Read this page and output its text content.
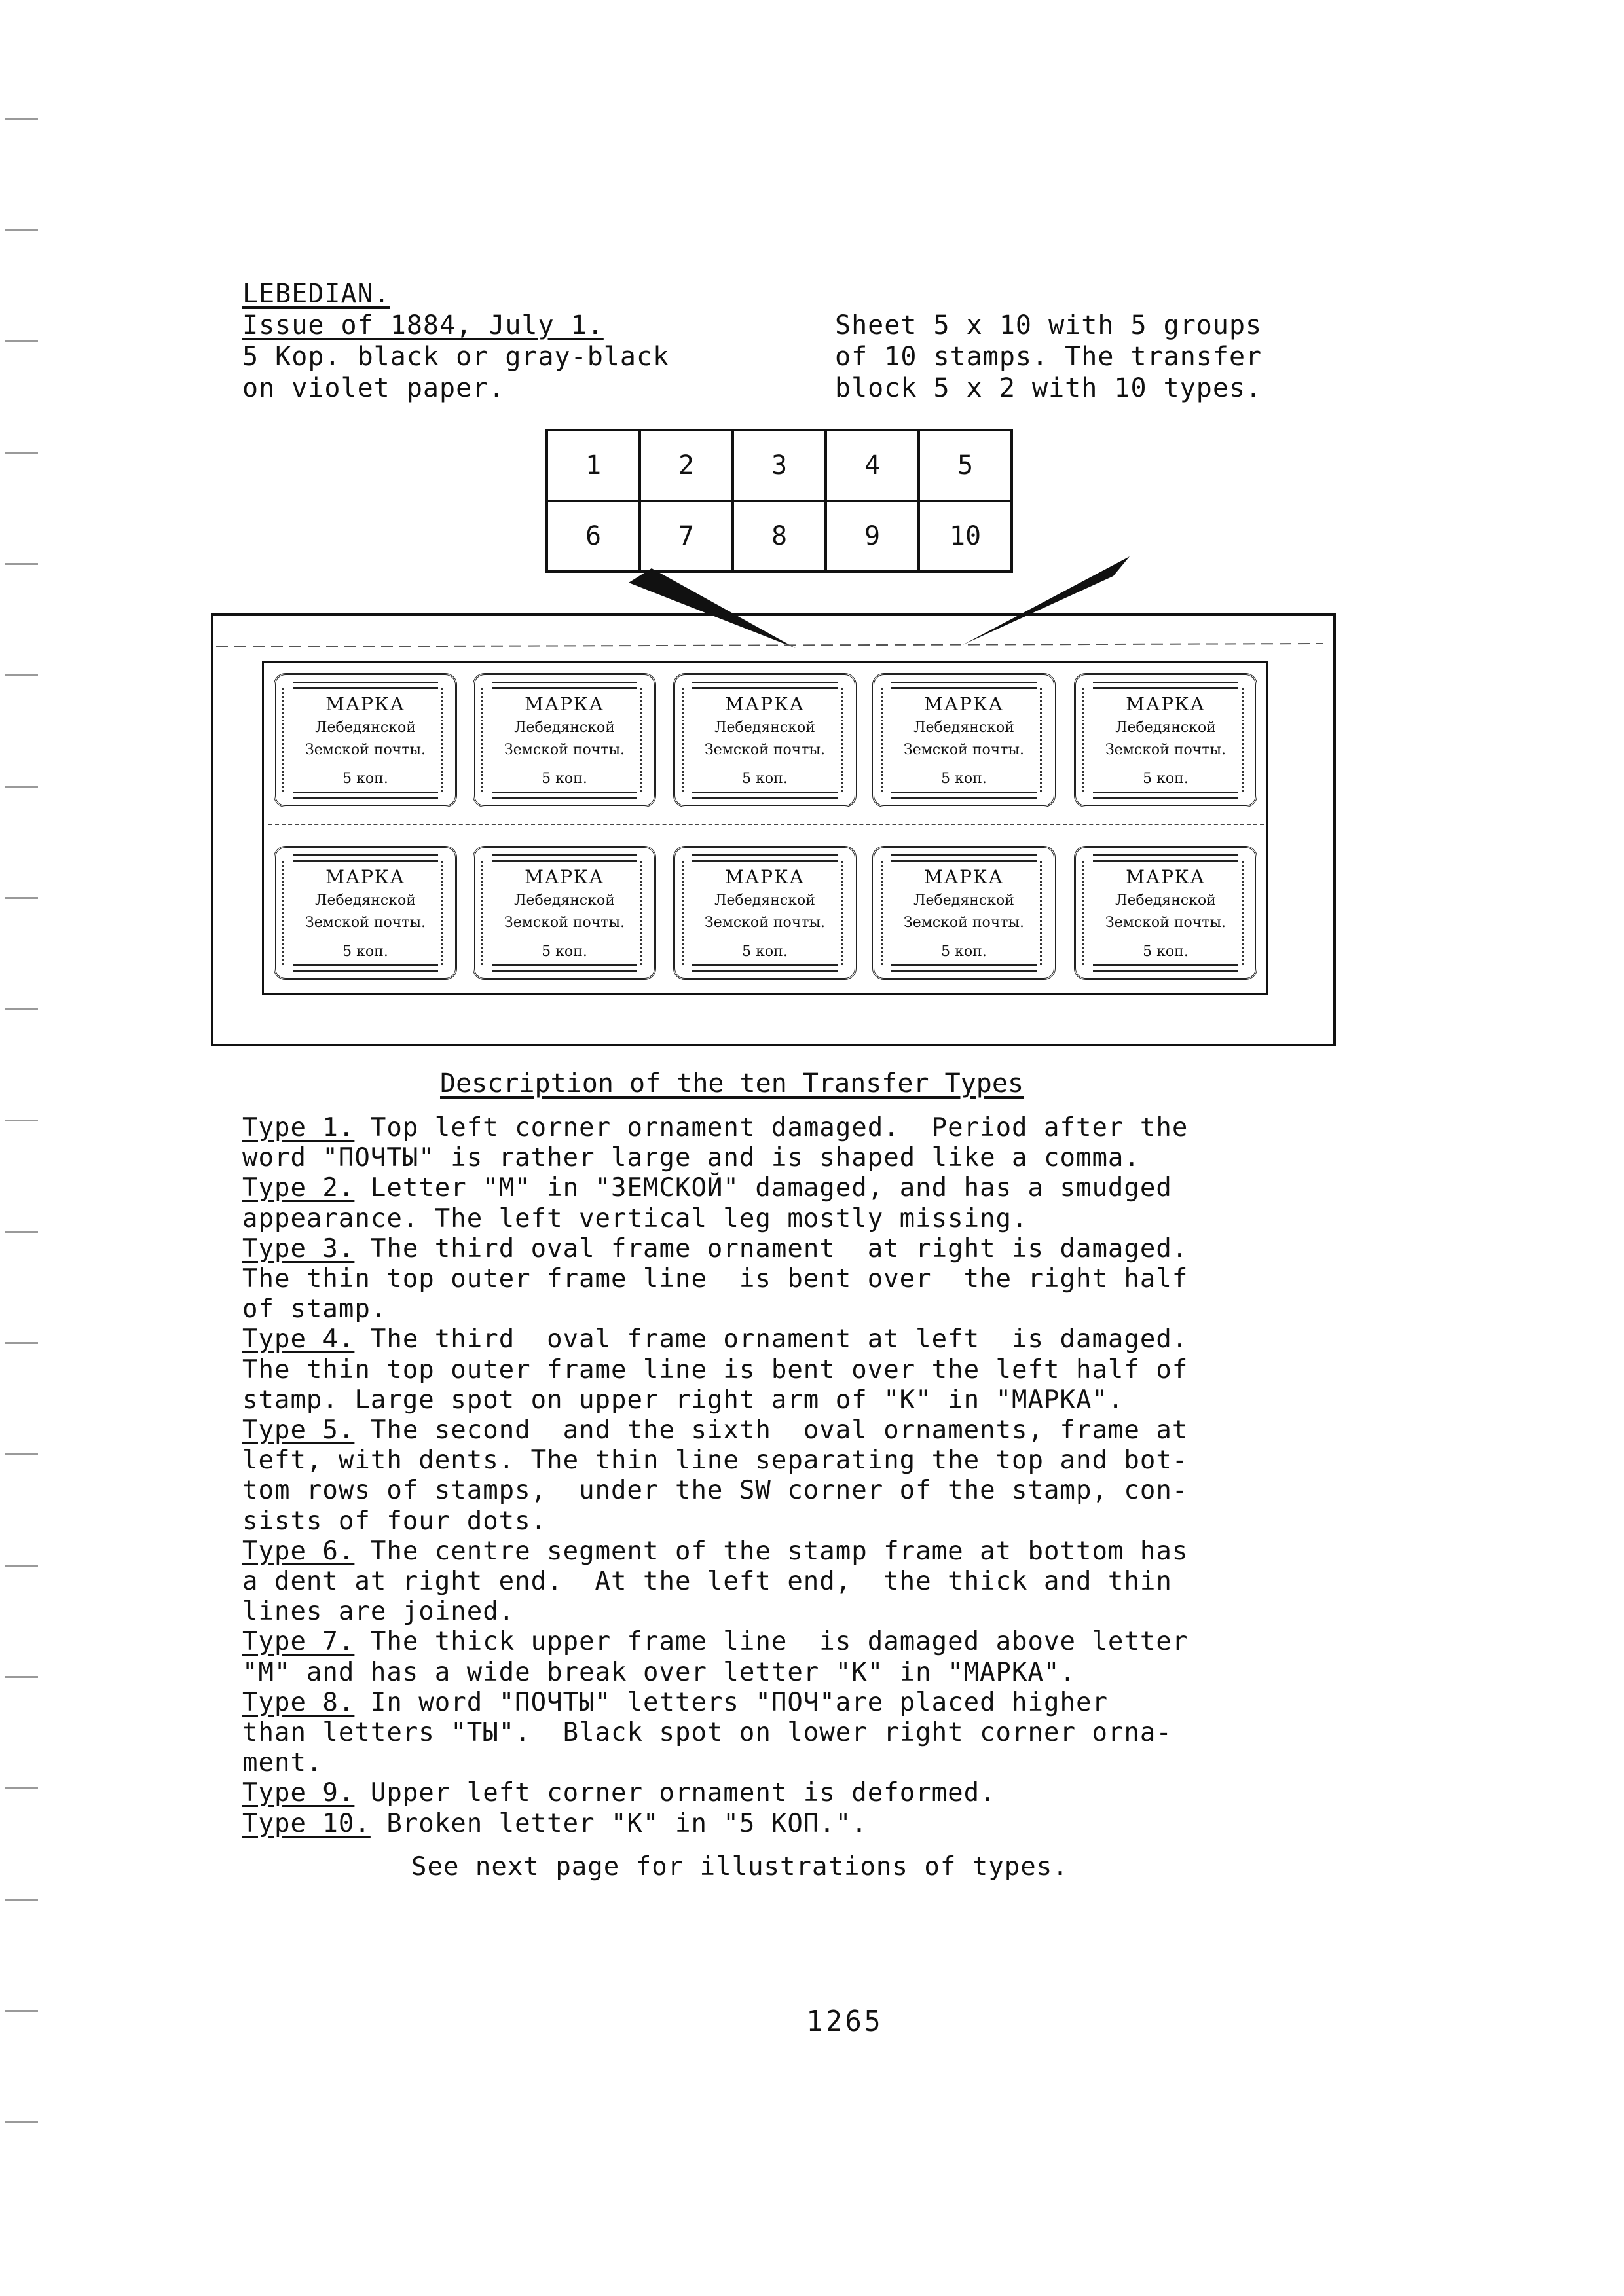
LEBEDIAN.
Issue of 1884, July 1.
5 Kop. black or gray-black
on violet paper.
Sheet 5 x 10 with 5 groups
of 10 stamps. The transfer
block 5 x 2 with 10 types.
1	2	3	4	5
6	7	8	9	10
МАРКА
Лебедянской
Земской почты.
5 коп.
МАРКА
Лебедянской
Земской почты.
5 коп.
МАРКА
Лебедянской
Земской почты.
5 коп.
МАРКА
Лебедянской
Земской почты.
5 коп.
МАРКА
Лебедянской
Земской почты.
5 коп.
МАРКА
Лебедянской
Земской почты.
5 коп.
МАРКА
Лебедянской
Земской почты.
5 коп.
МАРКА
Лебедянской
Земской почты.
5 коп.
МАРКА
Лебедянской
Земской почты.
5 коп.
МАРКА
Лебедянской
Земской почты.
5 коп.
Description of the ten Transfer Types
Type 1. Top left corner ornament damaged.  Period after the
word "ПОЧТЫ" is rather large and is shaped like a comma.
Type 2. Letter "M" in "ЗЕМСКОЙ" damaged, and has a smudged
appearance. The left vertical leg mostly missing.
Type 3. The third oval frame ornament  at right is damaged.
The thin top outer frame line  is bent over  the right half
of stamp.
Type 4. The third  oval frame ornament at left  is damaged.
The thin top outer frame line is bent over the left half of
stamp. Large spot on upper right arm of "K" in "МАРКА".
Type 5. The second  and the sixth  oval ornaments, frame at
left, with dents. The thin line separating the top and bot-
tom rows of stamps,  under the SW corner of the stamp, con-
sists of four dots.
Type 6. The centre segment of the stamp frame at bottom has
a dent at right end.  At the left end,  the thick and thin
lines are joined.
Type 7. The thick upper frame line  is damaged above letter
"M" and has a wide break over letter "K" in "МАРКА".
Type 8. In word "ПОЧТЫ" letters "ПОЧ"are placed higher
than letters "ТЫ".  Black spot on lower right corner orna-
ment.
Type 9. Upper left corner ornament is deformed.
Type 10. Broken letter "K" in "5 КОП.".
See next page for illustrations of types.
1265
